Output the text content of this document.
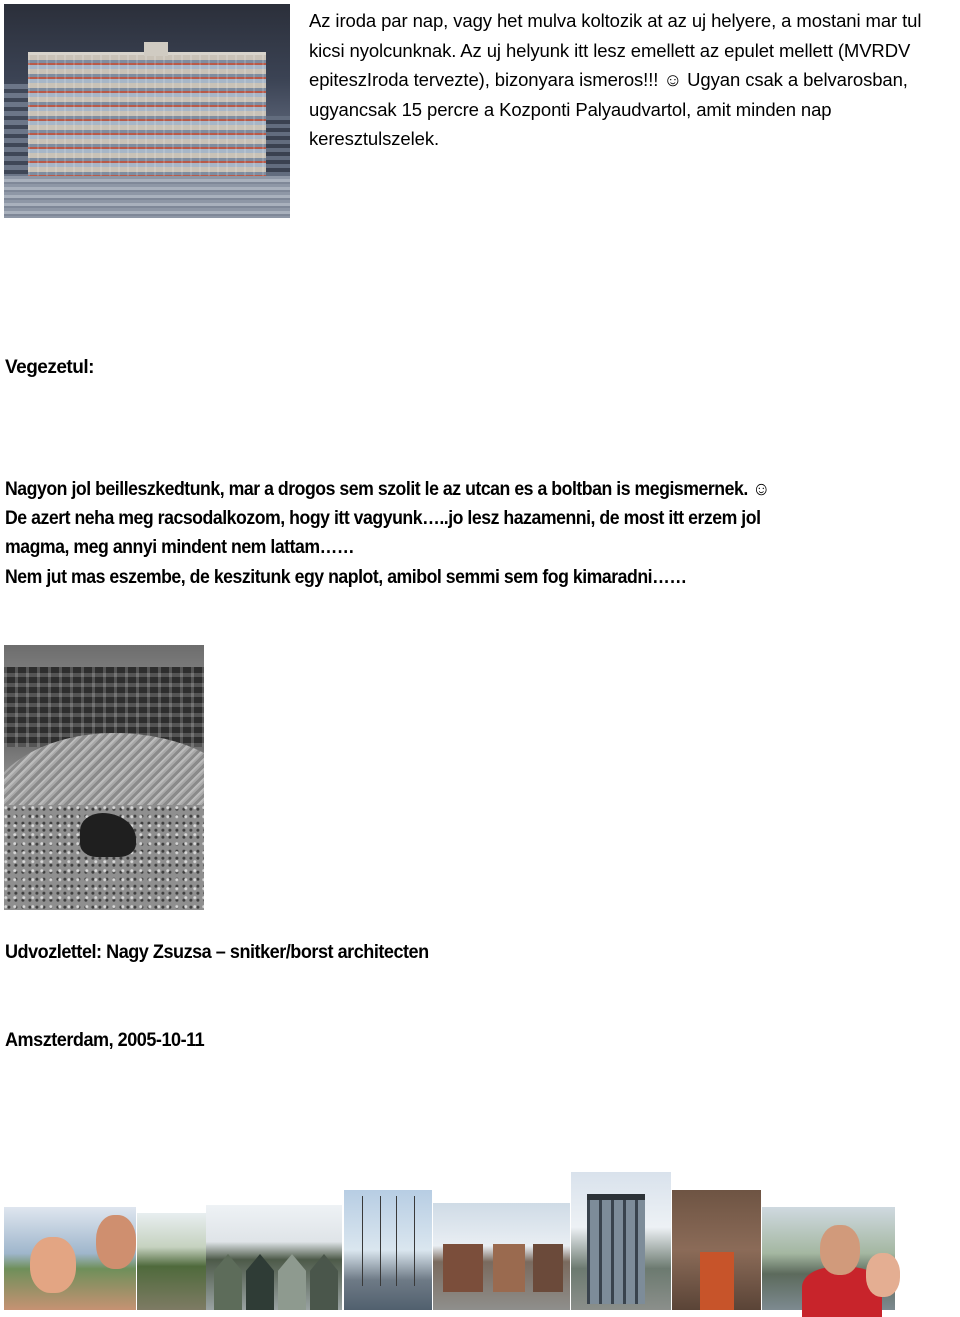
Az iroda par nap, vagy het mulva koltozik at az uj helyere, a mostani mar tul kicsi nyolcunknak. Az uj helyunk itt lesz emellett az epulet mellett (MVRDV epiteszIroda tervezte), bizonyara ismeros!!! ☺ Ugyan csak a belvarosban, ugyancsak 15 percre a Kozponti Palyaudvartol, amit minden nap keresztulszelek.
Vegezetul:
Nagyon jol beilleszkedtunk, mar a drogos sem szolit le az utcan es a boltban is megismernek. ☺
De azert neha meg racsodalkozom, hogy itt vagyunk…..jo lesz hazamenni, de most itt erzem jol
magma, meg annyi mindent nem lattam……
Nem jut mas eszembe, de keszitunk egy naplot, amibol semmi sem fog kimaradni……
Udvozlettel: Nagy Zsuzsa – snitker/borst architecten
Amszterdam, 2005-10-11
